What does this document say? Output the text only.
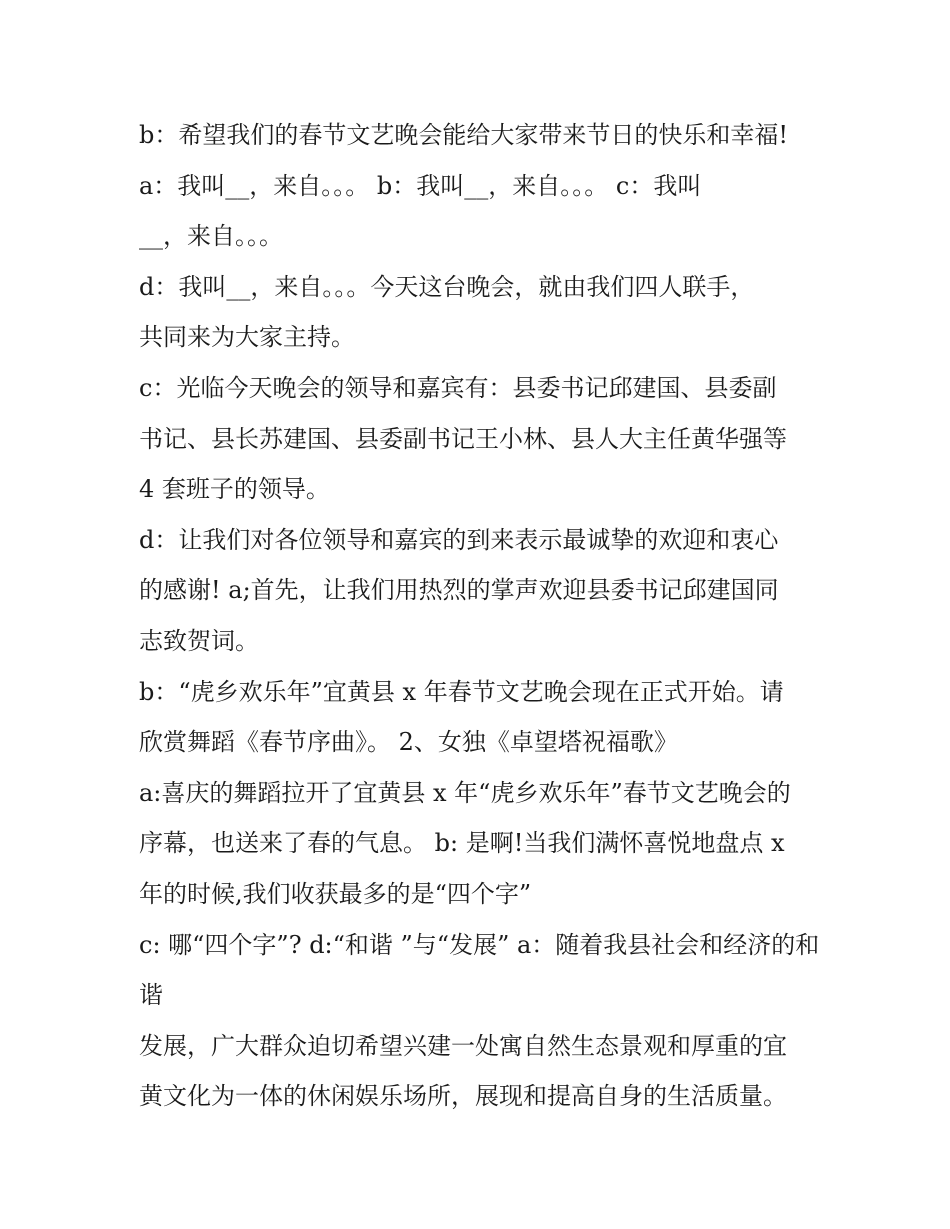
b：希望我们的春节文艺晚会能给大家带来节日的快乐和幸福!
a：我叫__，来自。。。 b：我叫__，来自。。。 c：我叫
__，来自。。。
d：我叫__，来自。。。今天这台晚会，就由我们四人联手，
共同来为大家主持。
c：光临今天晚会的领导和嘉宾有：县委书记邱建国、县委副
书记、县长苏建国、县委副书记王小林、县人大主任黄华强等
4 套班子的领导。
d：让我们对各位领导和嘉宾的到来表示最诚挚的欢迎和衷心
的感谢! a;首先，让我们用热烈的掌声欢迎县委书记邱建国同
志致贺词。
b：“虎乡欢乐年”宜黄县 x 年春节文艺晚会现在正式开始。请
欣赏舞蹈《春节序曲》。 2、女独《卓望塔祝福歌》
a:喜庆的舞蹈拉开了宜黄县 x 年“虎乡欢乐年”春节文艺晚会的
序幕，也送来了春的气息。 b: 是啊!当我们满怀喜悦地盘点 x
年的时候,我们收获最多的是“四个字”
c: 哪“四个字”? d:“和谐 ”与“发展” a：随着我县社会和经济的和
谐
发展，广大群众迫切希望兴建一处寓自然生态景观和厚重的宜
黄文化为一体的休闲娱乐场所，展现和提高自身的生活质量。
